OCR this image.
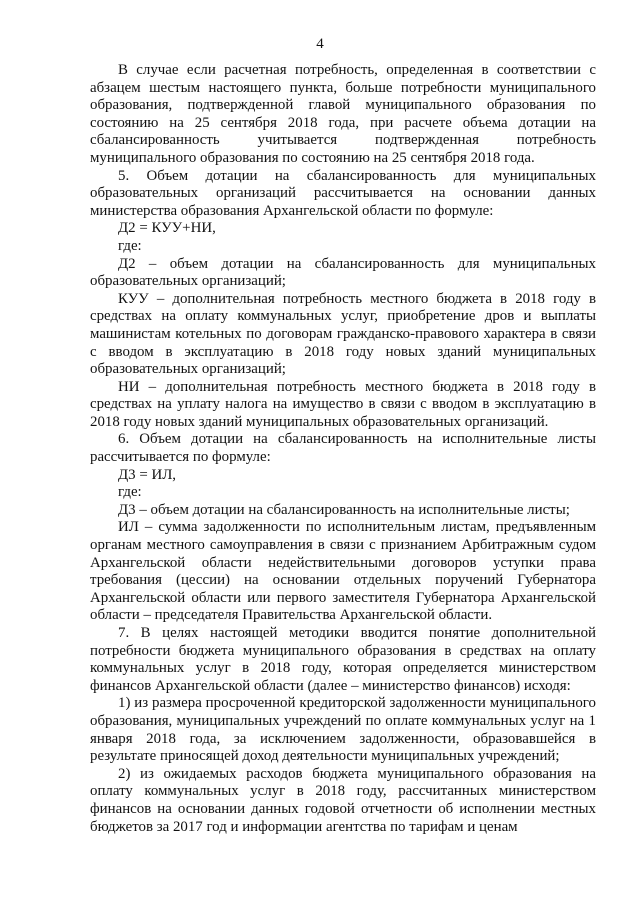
4

В случае если расчетная потребность, определенная в соответствии с абзацем шестым настоящего пункта, больше потребности муниципального образования, подтвержденной главой муниципального образования по состоянию на 25 сентября 2018 года, при расчете объема дотации на сбалансированность учитывается подтвержденная потребность муниципального образования по состоянию на 25 сентября 2018 года.

5. Объем дотации на сбалансированность для муниципальных образовательных организаций рассчитывается на основании данных министерства образования Архангельской области по формуле:

Д2 = КУУ+НИ,

где:

Д2 – объем дотации на сбалансированность для муниципальных образовательных организаций;

КУУ – дополнительная потребность местного бюджета в 2018 году в средствах на оплату коммунальных услуг, приобретение дров и выплаты машинистам котельных по договорам гражданско-правового характера в связи с вводом в эксплуатацию в 2018 году новых зданий муниципальных образовательных организаций;

НИ – дополнительная потребность местного бюджета в 2018 году в средствах на уплату налога на имущество в связи с вводом в эксплуатацию в 2018 году новых зданий муниципальных образовательных организаций.

6. Объем дотации на сбалансированность на исполнительные листы рассчитывается по формуле:

Д3 = ИЛ,

где:

Д3 – объем дотации на сбалансированность на исполнительные листы;

ИЛ – сумма задолженности по исполнительным листам, предъявленным органам местного самоуправления в связи с признанием Арбитражным судом Архангельской области недействительными договоров уступки права требования (цессии) на основании отдельных поручений Губернатора Архангельской области или первого заместителя Губернатора Архангельской области – председателя Правительства Архангельской области.

7. В целях настоящей методики вводится понятие дополнительной потребности бюджета муниципального образования в средствах на оплату коммунальных услуг в 2018 году, которая определяется министерством финансов Архангельской области (далее – министерство финансов) исходя:

1) из размера просроченной кредиторской задолженности муниципального образования, муниципальных учреждений по оплате коммунальных услуг на 1 января 2018 года, за исключением задолженности, образовавшейся в результате приносящей доход деятельности муниципальных учреждений;

2) из ожидаемых расходов бюджета муниципального образования на оплату коммунальных услуг в 2018 году, рассчитанных министерством финансов на основании данных годовой отчетности об исполнении местных бюджетов за 2017 год и информации агентства по тарифам и ценам
